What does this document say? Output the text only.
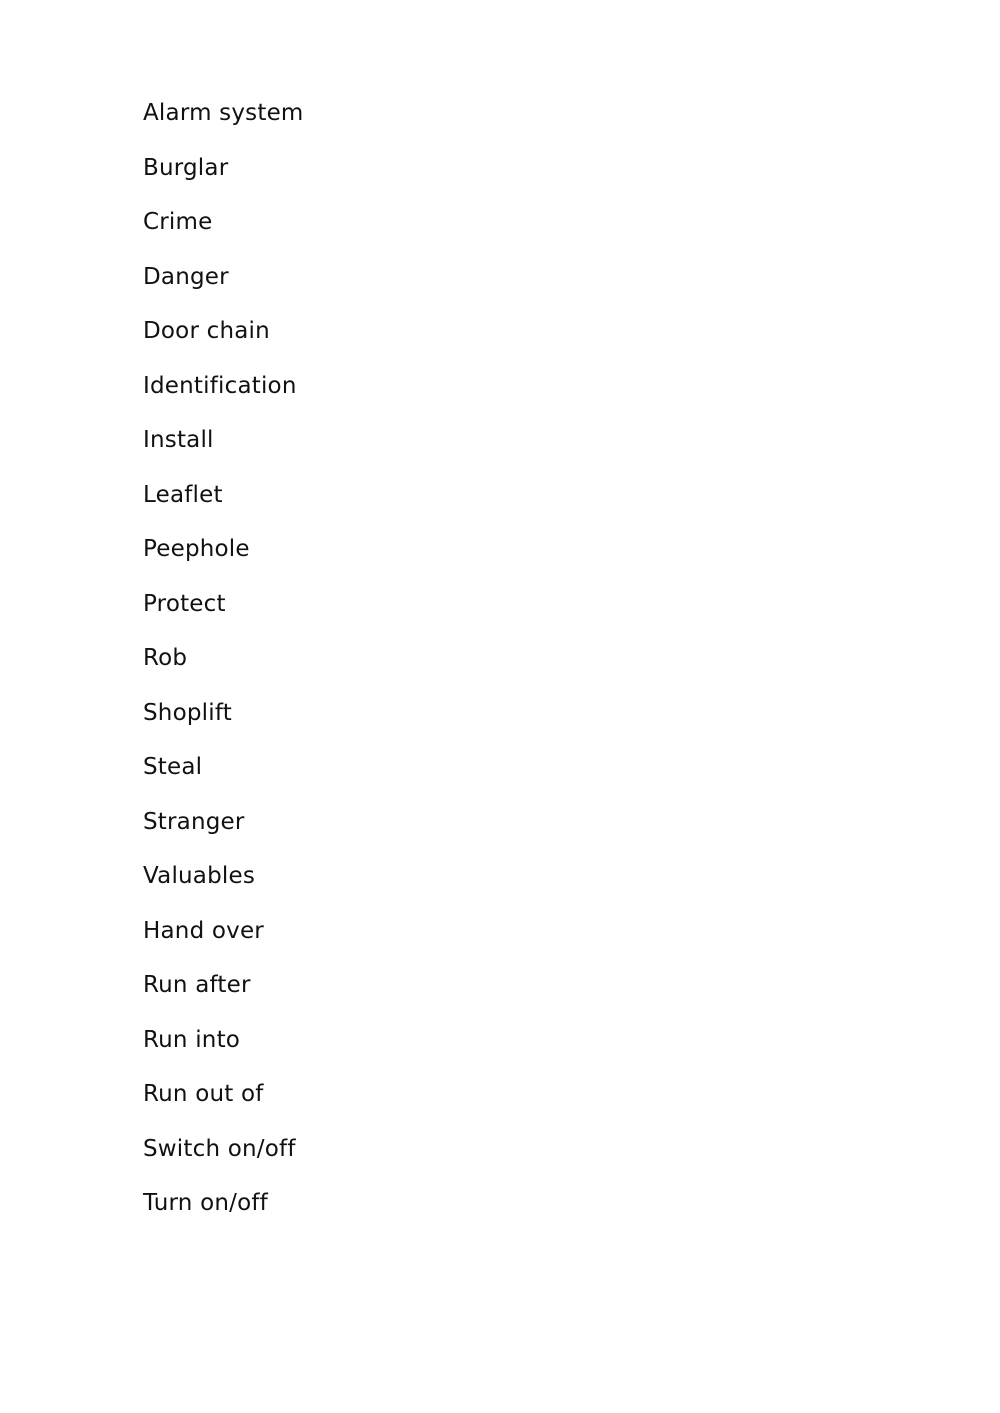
Alarm system
Burglar
Crime
Danger
Door chain
Identification
Install
Leaflet
Peephole
Protect
Rob
Shoplift
Steal
Stranger
Valuables
Hand over
Run after
Run into
Run out of
Switch on/off
Turn on/off
